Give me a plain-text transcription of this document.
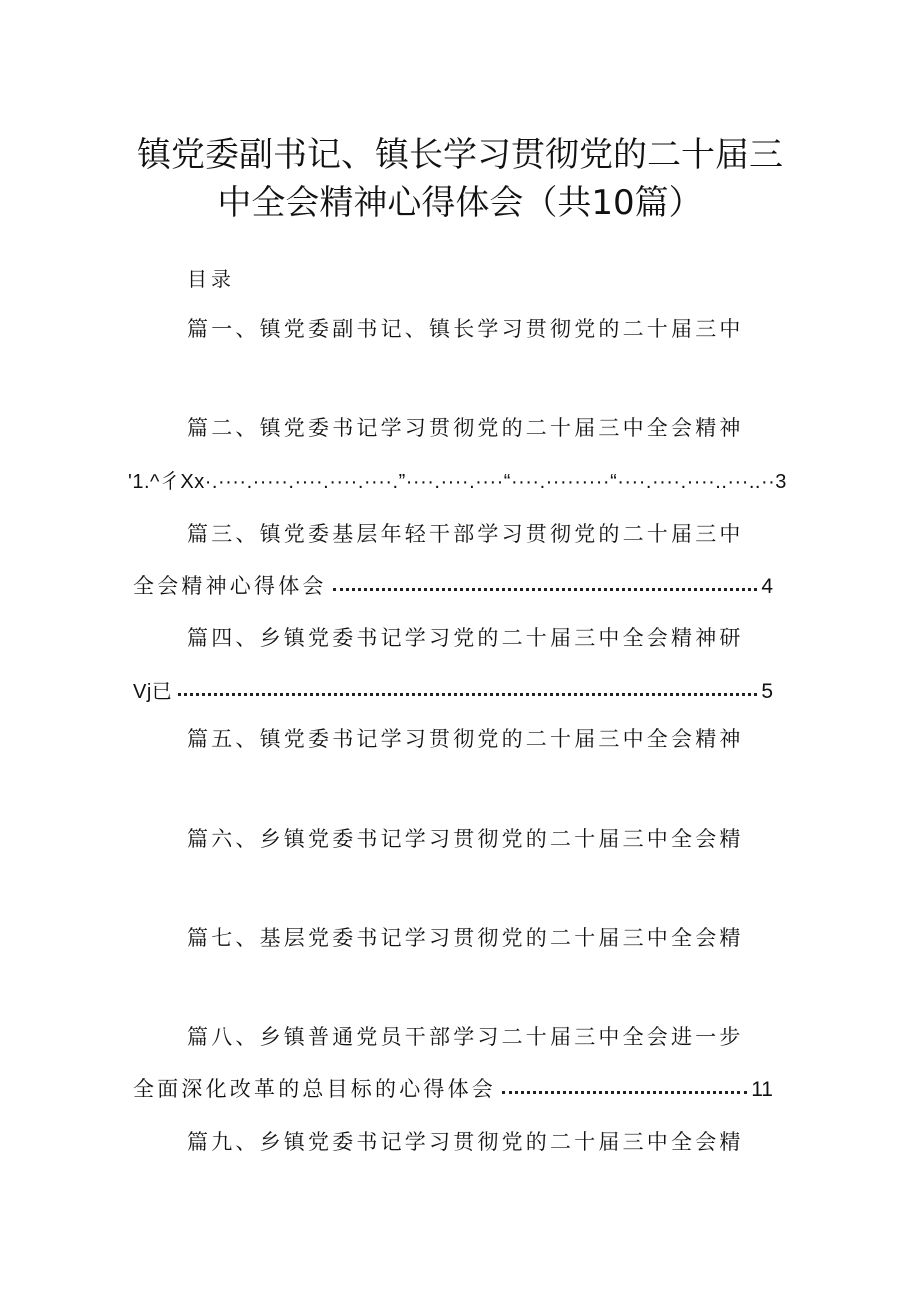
镇党委副书记、镇长学习贯彻党的二十届三
中全会精神心得体会（共10篇）
目录
篇一、镇党委副书记、镇长学习贯彻党的二十届三中
篇二、镇党委书记学习贯彻党的二十届三中全会精神
'1.^彳Xx·.····.·····.····.····.····.”····.····.····“····.·········“····.····.····..···..··3
篇三、镇党委基层年轻干部学习贯彻党的二十届三中
全会精神心得体会	4
篇四、乡镇党委书记学习党的二十届三中全会精神研
Vj已	5
篇五、镇党委书记学习贯彻党的二十届三中全会精神
篇六、乡镇党委书记学习贯彻党的二十届三中全会精
篇七、基层党委书记学习贯彻党的二十届三中全会精
篇八、乡镇普通党员干部学习二十届三中全会进一步
全面深化改革的总目标的心得体会	11
篇九、乡镇党委书记学习贯彻党的二十届三中全会精
